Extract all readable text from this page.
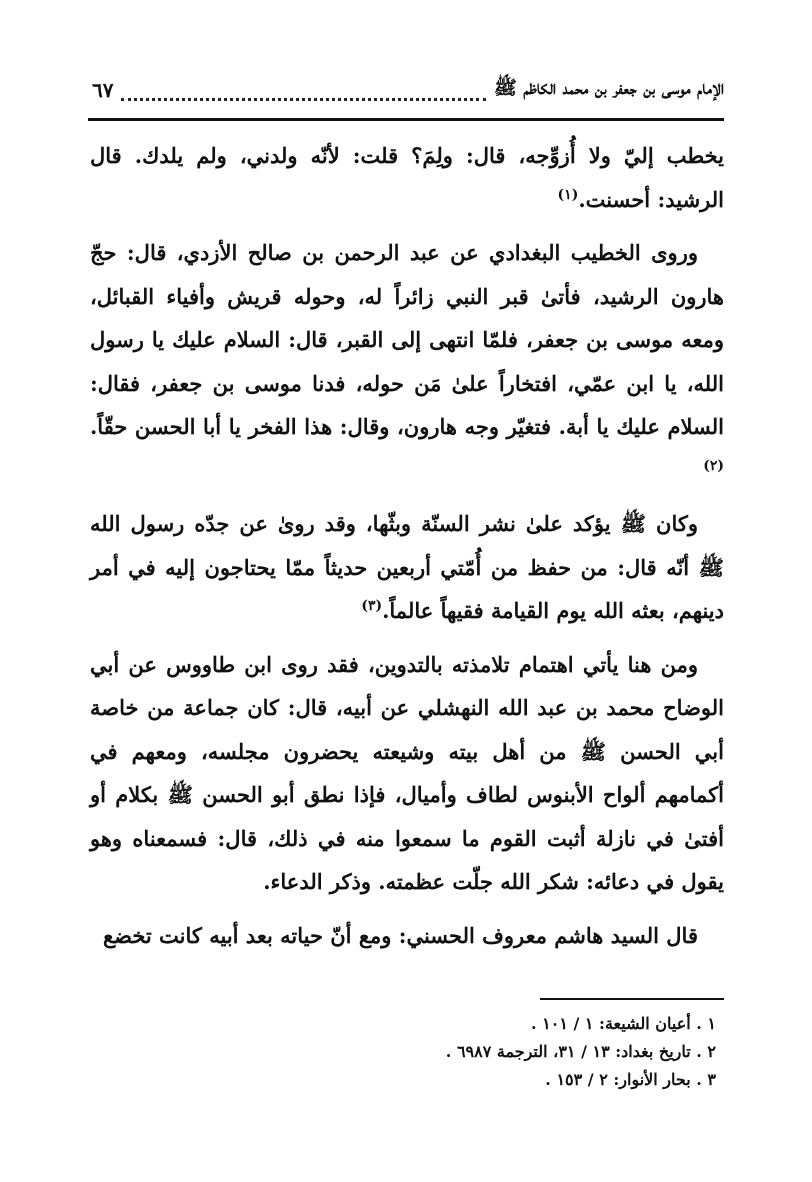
الإمام موسى بن جعفر بن محمد الكاظم ﷺ
٦٧

يخطب إليّ ولا أُزوِّجه، قال: ولِمَ؟ قلت: لأنّه ولدني، ولم يلدك. قال الرشيد: أحسنت.$^{(١)}$

وروى الخطيب البغدادي عن عبد الرحمن بن صالح الأزدي، قال: حجّ هارون الرشيد، فأتىٰ قبر النبي زائراً له، وحوله قريش وأفياء القبائل، ومعه موسى بن جعفر، فلمّا انتهى إلى القبر، قال: السلام عليك يا رسول الله، يا ابن عمّي، افتخاراً علىٰ مَن حوله، فدنا موسى بن جعفر، فقال: السلام عليك يا أبة. فتغيّر وجه هارون، وقال: هذا الفخر يا أبا الحسن حقّاً.$^{(٢)}$

وكان ﷺ يؤكد علىٰ نشر السنّة وبثّها، وقد روىٰ عن جدّه رسول الله ﷺ أنّه قال: من حفظ من أُمّتي أربعين حديثاً ممّا يحتاجون إليه في أمر دينهم، بعثه الله يوم القيامة فقيهاً عالماً.$^{(٣)}$

ومن هنا يأتي اهتمام تلامذته بالتدوين، فقد روى ابن طاووس عن أبي الوضاح محمد بن عبد الله النهشلي عن أبيه، قال: كان جماعة من خاصة أبي الحسن ﷺ من أهل بيته وشيعته يحضرون مجلسه، ومعهم في أكمامهم ألواح الأبنوس لطاف وأميال، فإذا نطق أبو الحسن ﷺ بكلام أو أفتىٰ في نازلة أثبت القوم ما سمعوا منه في ذلك، قال: فسمعناه وهو يقول في دعائه: شكر الله جلّت عظمته. وذكر الدعاء.

قال السيد هاشم معروف الحسني: ومع أنّ حياته بعد أبيه كانت تخضع

١ . أعيان الشيعة: ١ / ١٠١ .
٢ . تاريخ بغداد: ١٣ / ٣١، الترجمة ٦٩٨٧ .
٣ . بحار الأنوار: ٢ / ١٥٣ .
